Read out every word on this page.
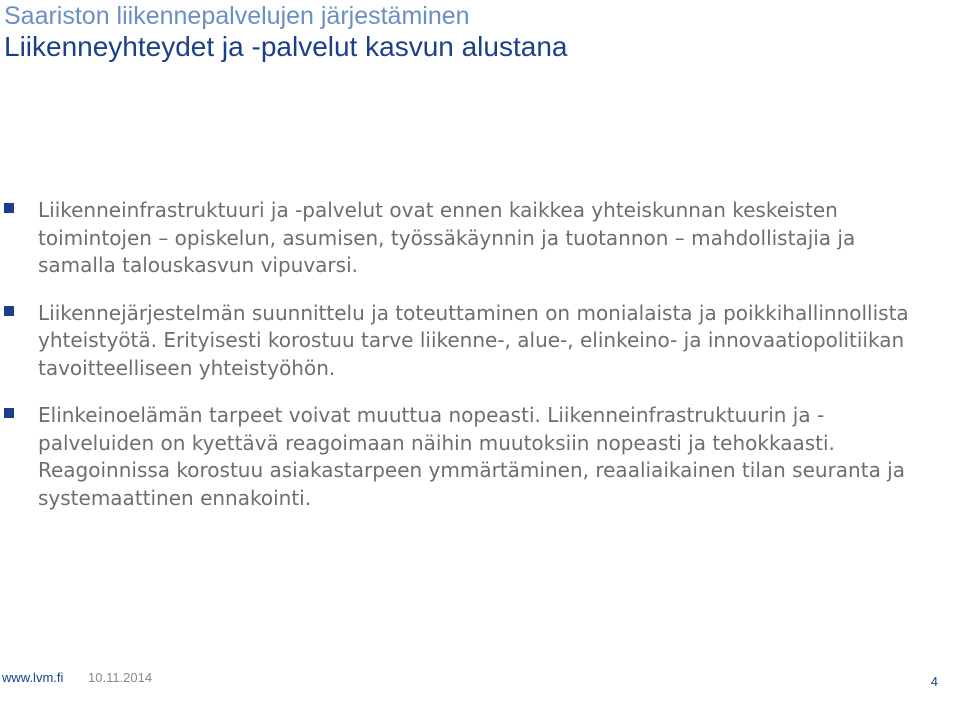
Saariston liikennepalvelujen järjestäminen
Liikenneyhteydet ja -palvelut kasvun alustana
Liikenneinfrastruktuuri ja -palvelut ovat ennen kaikkea yhteiskunnan keskeisten toimintojen – opiskelun, asumisen, työssäkäynnin ja tuotannon – mahdollistajia ja samalla talouskasvun vipuvarsi.
Liikennejärjestelmän suunnittelu ja toteuttaminen on monialaista ja poikkihallinnollista yhteistyötä. Erityisesti korostuu tarve liikenne-, alue-, elinkeino- ja innovaatiopolitiikan tavoitteelliseen yhteistyöhön.
Elinkeinoelämän tarpeet voivat muuttua nopeasti. Liikenneinfrastruktuurin ja -palveluiden on kyettävä reagoimaan näihin muutoksiin nopeasti ja tehokkaasti. Reagoinnissa korostuu asiakastarpeen ymmärtäminen, reaaliaikainen tilan seuranta ja systemaattinen ennakointi.
www.lvm.fi 10.11.2014	4
